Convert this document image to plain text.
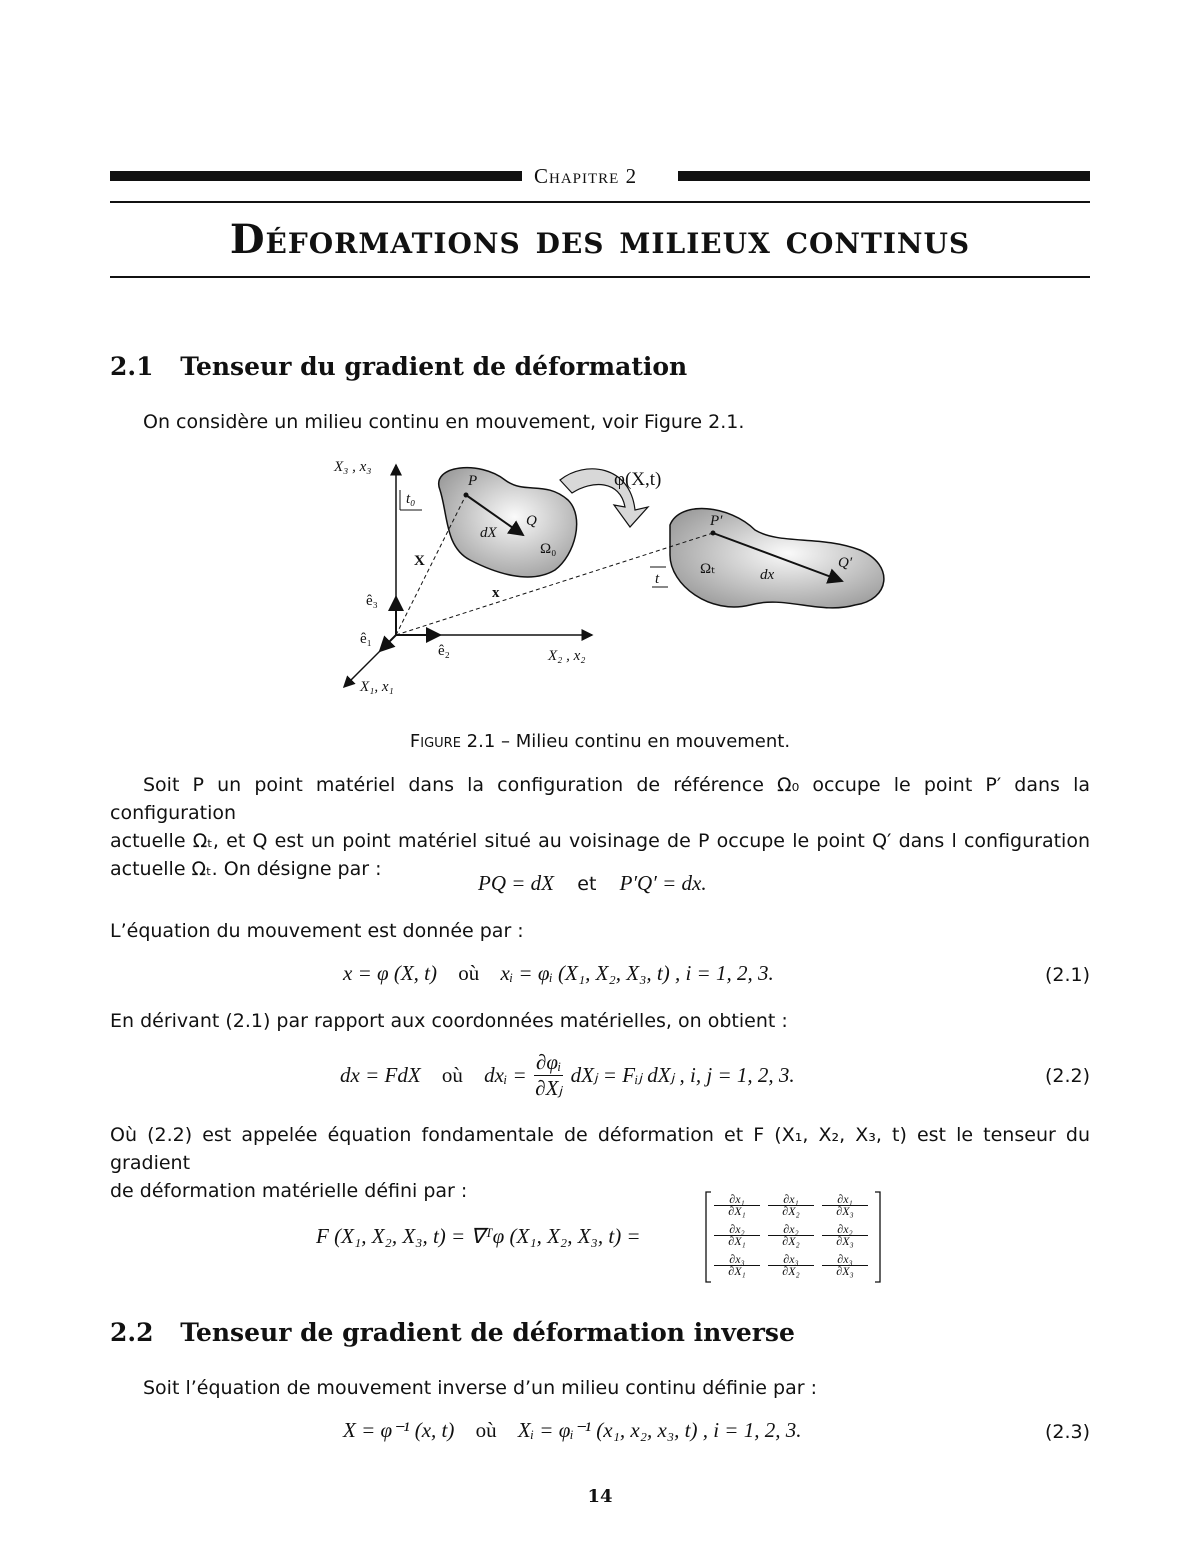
Chapitre 2
Déformations des milieux continus
2.1 Tenseur du gradient de déformation
On considère un milieu continu en mouvement, voir Figure 2.1.
X₃ , x₃
X₂ , x₂
X₁, x₁
t₀
t
P
Q	P′
Q′
dX
dx
ê₁
ê₂
ê₃
Ω₀
Ωₜ
X
x
φ(X,t)
Figure 2.1 – Milieu continu en mouvement.
Soit P un point matériel dans la configuration de référence Ω₀ occupe le point P′ dans la configuration
actuelle Ωₜ, et Q est un point matériel situé au voisinage de P occupe le point Q′ dans l configuration
actuelle Ωₜ. On désigne par :
PQ = dX et P′Q′ = dx.
L’équation du mouvement est donnée par :
x = φ (X, t) où xᵢ = φᵢ (X₁, X₂, X₃, t) , i = 1, 2, 3.	(2.1)
En dérivant (2.1) par rapport aux coordonnées matérielles, on obtient :
dx = FdX où dxᵢ = $\frac{\text{∂φᵢ}}{\text{∂Xⱼ}}$ dXⱼ = Fᵢⱼ dXⱼ , i, j = 1, 2, 3.	(2.2)
Où (2.2) est appelée équation fondamentale de déformation et F (X₁, X₂, X₃, t) est le tenseur du gradient
de déformation matérielle défini par :
F (X₁, X₂, X₃, t) = ∇ᵀφ (X₁, X₂, X₃, t) =
$\frac{\text{∂x₁}}{\text{∂X₁}} \frac{\text{∂x₁}}{\text{∂X₂}} \frac{\text{∂x₁}}{\text{∂X₃}}$
$\frac{\text{∂x₂}}{\text{∂X₁}} \frac{\text{∂x₂}}{\text{∂X₂}} \frac{\text{∂x₂}}{\text{∂X₃}}$
$\frac{\text{∂x₃}}{\text{∂X₁}} \frac{\text{∂x₃}}{\text{∂X₂}} \frac{\text{∂x₃}}{\text{∂X₃}}$
2.2 Tenseur de gradient de déformation inverse
Soit l’équation de mouvement inverse d’un milieu continu définie par :
X = φ⁻¹ (x, t) où Xᵢ = φᵢ⁻¹ (x₁, x₂, x₃, t) , i = 1, 2, 3.	(2.3)
14
